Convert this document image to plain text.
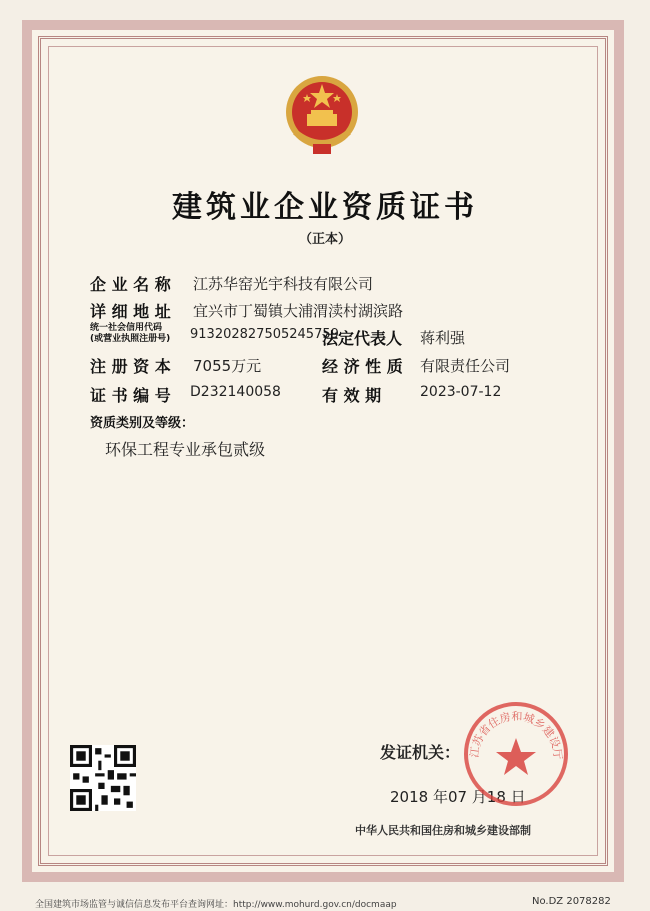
建筑业企业资质证书
（正本）
企 业 名 称 江苏华窑光宇科技有限公司
详 细 地 址 宜兴市丁蜀镇大浦渭渎村湖滨路
统一社会信用代码
(或营业执照注册号) 913202827505245759
法定代表人 蒋利强
注 册 资 本 7055万元	经 济 性 质 有限责任公司
证 书 编 号 D232140058	有 效 期	2023-07-12
资质类别及等级：
环保工程专业承包贰级
发证机关：
2018 年07 月18 日
中华人民共和国住房和城乡建设部制
江苏省住房和城乡建设厅
全国建筑市场监管与诚信信息发布平台查询网址：http://www.mohurd.gov.cn/docmaap	No.DZ 2078282
